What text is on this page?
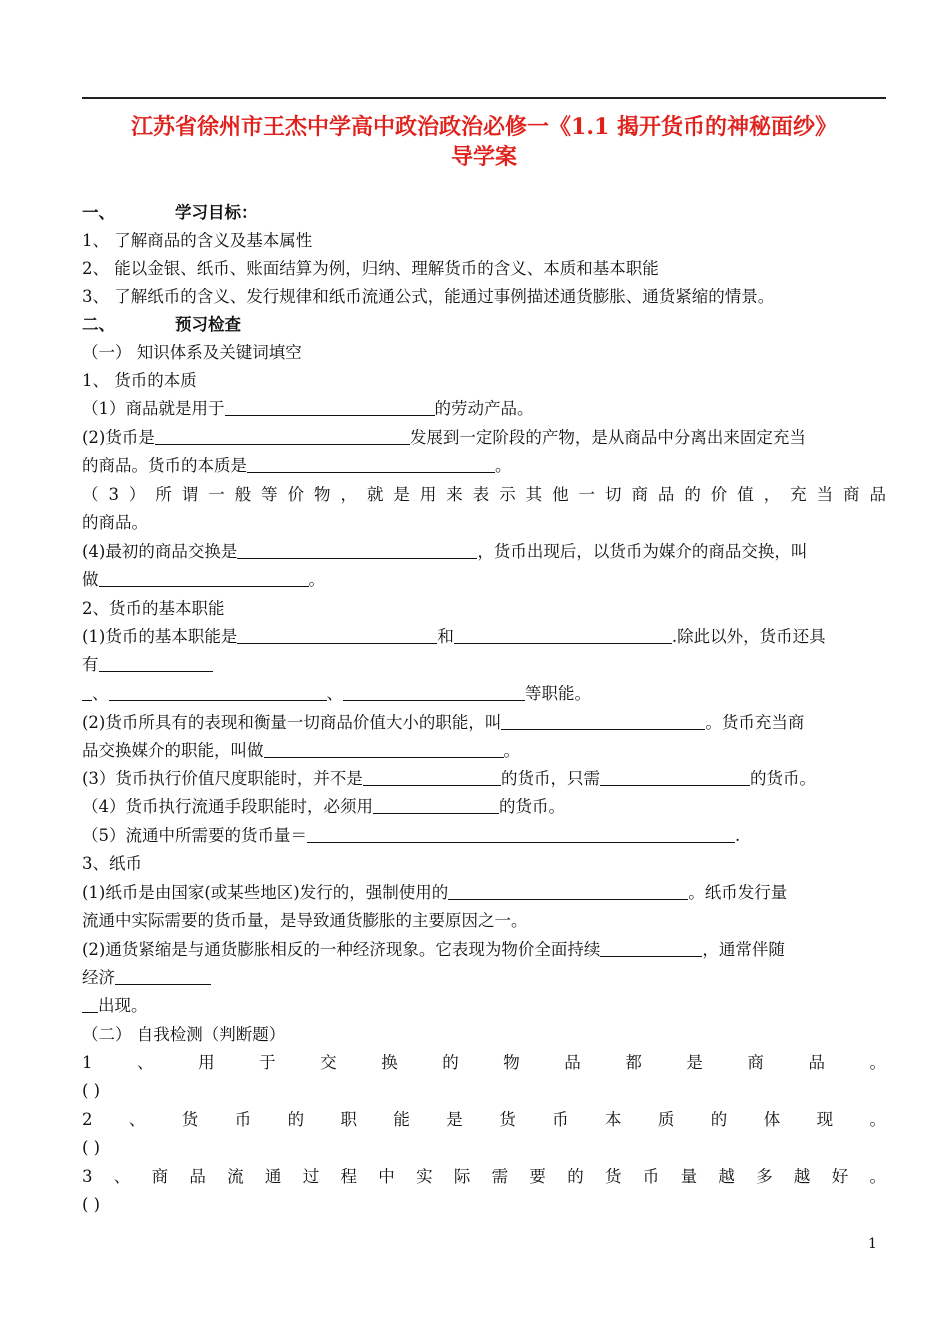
江苏省徐州市王杰中学高中政治政治必修一《1.1 揭开货币的神秘面纱》
导学案
一、	学习目标：
1、 了解商品的含义及基本属性
2、 能以金银、纸币、账面结算为例，归纳、理解货币的含义、本质和基本职能
3、 了解纸币的含义、发行规律和纸币流通公式，能通过事例描述通货膨胀、通货紧缩的情景。
二、	预习检查
（一） 知识体系及关键词填空
1、 货币的本质
（1）商品就是用于	的劳动产品。
(2)货币是	发展到一定阶段的产物，是从商品中分离出来固定充当
的商品。货币的本质是	。
（3）所谓一般等价物，就是用来表示其他一切商品的价值，充当商品
的商品。
(4)最初的商品交换是	，货币出现后，以货币为媒介的商品交换，叫
做	。
2、货币的基本职能
(1)货币的基本职能是	和	.除此以外，货币还具
有
、	、	等职能。
(2)货币所具有的表现和衡量一切商品价值大小的职能，叫	。货币充当商
品交换媒介的职能，叫做	。
(3）货币执行价值尺度职能时，并不是	的货币，只需	的货币。
（4）货币执行流通手段职能时，必须用	的货币。
（5）流通中所需要的货币量＝	.
3、纸币
(1)纸币是由国家(或某些地区)发行的，强制使用的	。纸币发行量
流通中实际需要的货币量，是导致通货膨胀的主要原因之一。
(2)通货紧缩是与通货膨胀相反的一种经济现象。它表现为物价全面持续	，通常伴随
经济
出现。
（二） 自我检测（判断题）
1、用于交换的物品都是商品。
( )
2、货币的职能是货币本质的体现。
( )
3、商品流通过程中实际需要的货币量越多越好。
( )
1
